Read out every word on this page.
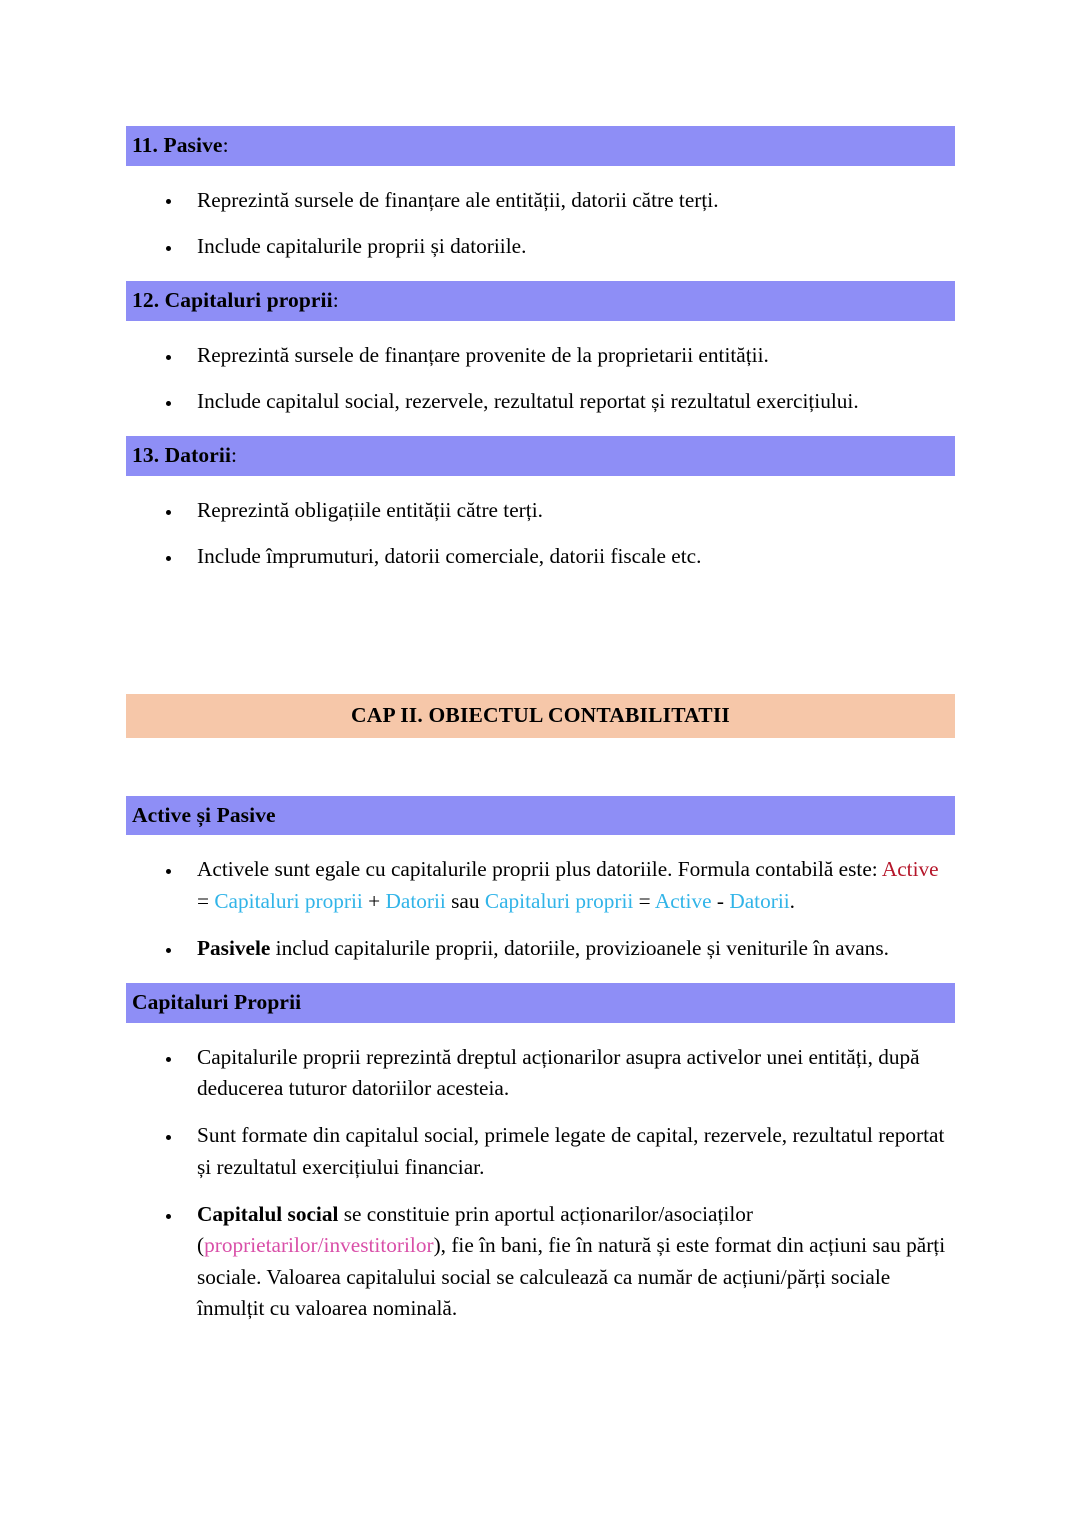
11. Pasive:
Reprezintă sursele de finanțare ale entității, datorii către terți.
Include capitalurile proprii și datoriile.
12. Capitaluri proprii:
Reprezintă sursele de finanțare provenite de la proprietarii entității.
Include capitalul social, rezervele, rezultatul reportat și rezultatul exercițiului.
13. Datorii:
Reprezintă obligațiile entității către terți.
Include împrumuturi, datorii comerciale, datorii fiscale etc.
CAP II. OBIECTUL CONTABILITATII
Active și Pasive
Activele sunt egale cu capitalurile proprii plus datoriile. Formula contabilă este: Active = Capitaluri proprii + Datorii sau Capitaluri proprii = Active - Datorii.
Pasivele includ capitalurile proprii, datoriile, provizioanele și veniturile în avans.
Capitaluri Proprii
Capitalurile proprii reprezintă dreptul acționarilor asupra activelor unei entități, după deducerea tuturor datoriilor acesteia.
Sunt formate din capitalul social, primele legate de capital, rezervele, rezultatul reportat și rezultatul exercițiului financiar.
Capitalul social se constituie prin aportul acționarilor/asociaților (proprietarilor/investitorilor), fie în bani, fie în natură și este format din acțiuni sau părți sociale. Valoarea capitalului social se calculează ca număr de acțiuni/părți sociale înmulțit cu valoarea nominală.
